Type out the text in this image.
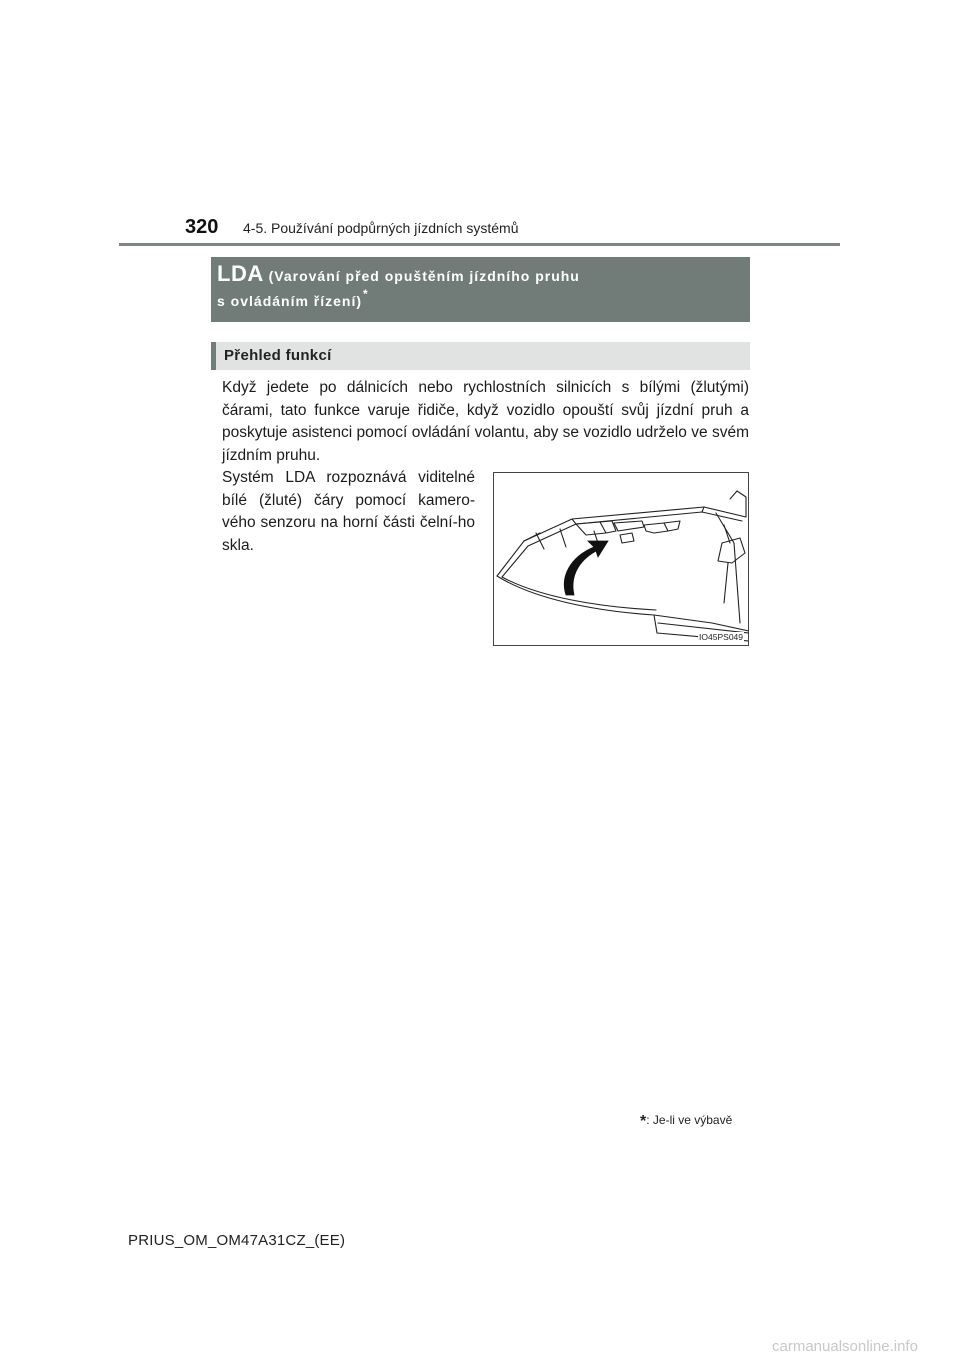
320 4-5. Používání podpůrných jízdních systémů
LDA (Varování před opuštěním jízdního pruhu
s ovládáním řízení)*
Přehled funkcí
Když jedete po dálnicích nebo rychlostních silnicích s bílými (žlutými) čárami, tato funkce varuje řidiče, když vozidlo opouští svůj jízdní pruh a poskytuje asistenci pomocí ovládání volantu, aby se vozidlo udrželo ve svém jízdním pruhu.
Systém LDA rozpoznává viditelné bílé (žluté) čáry pomocí kamero-vého senzoru na horní části čelní-ho skla.
IO45PS049
*: Je-li ve výbavě
PRIUS_OM_OM47A31CZ_(EE)
carmanualsonline.info
